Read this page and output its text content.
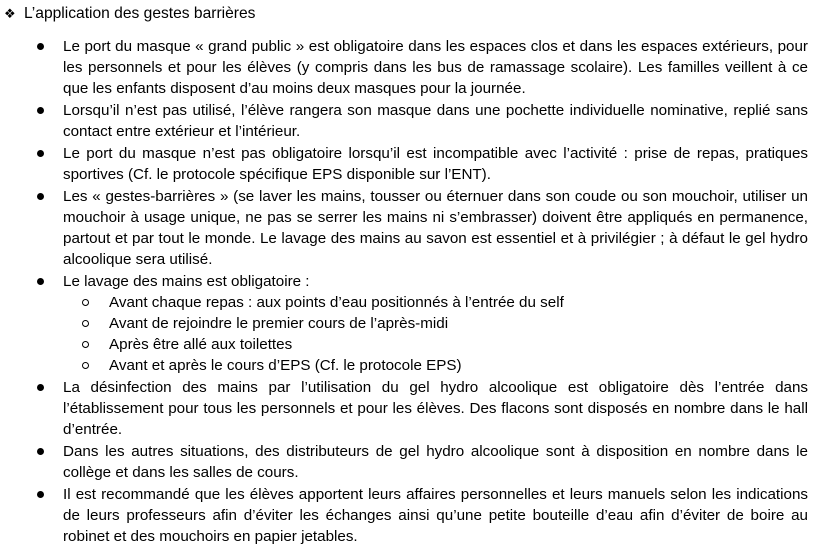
❖ L’application des gestes barrières
Le port du masque « grand public » est obligatoire dans les espaces clos et dans les espaces extérieurs, pour les personnels et pour les élèves (y compris dans les bus de ramassage scolaire). Les familles veillent à ce que les enfants disposent d’au moins deux masques pour la journée.
Lorsqu’il n’est pas utilisé, l’élève rangera son masque dans une pochette individuelle nominative, replié sans contact entre extérieur et l’intérieur.
Le port du masque n’est pas obligatoire lorsqu’il est incompatible avec l’activité : prise de repas, pratiques sportives (Cf. le protocole spécifique EPS disponible sur l’ENT).
Les « gestes-barrières » (se laver les mains, tousser ou éternuer dans son coude ou son mouchoir, utiliser un mouchoir à usage unique, ne pas se serrer les mains ni s’embrasser) doivent être appliqués en permanence, partout et par tout le monde. Le lavage des mains au savon est essentiel et à privilégier ; à défaut le gel hydro alcoolique sera utilisé.
Le lavage des mains est obligatoire :
Avant chaque repas : aux points d’eau positionnés à l’entrée du self
Avant de rejoindre le premier cours de l’après-midi
Après être allé aux toilettes
Avant et après le cours d’EPS (Cf. le protocole EPS)
La désinfection des mains par l’utilisation du gel hydro alcoolique est obligatoire dès l’entrée dans l’établissement pour tous les personnels et pour les élèves. Des flacons sont disposés en nombre dans le hall d’entrée.
Dans les autres situations, des distributeurs de gel hydro alcoolique sont à disposition en nombre dans le collège et dans les salles de cours.
Il est recommandé que les élèves apportent leurs affaires personnelles et leurs manuels selon les indications de leurs professeurs afin d’éviter les échanges ainsi qu’une petite bouteille d’eau afin d’éviter de boire au robinet et des mouchoirs en papier jetables.
